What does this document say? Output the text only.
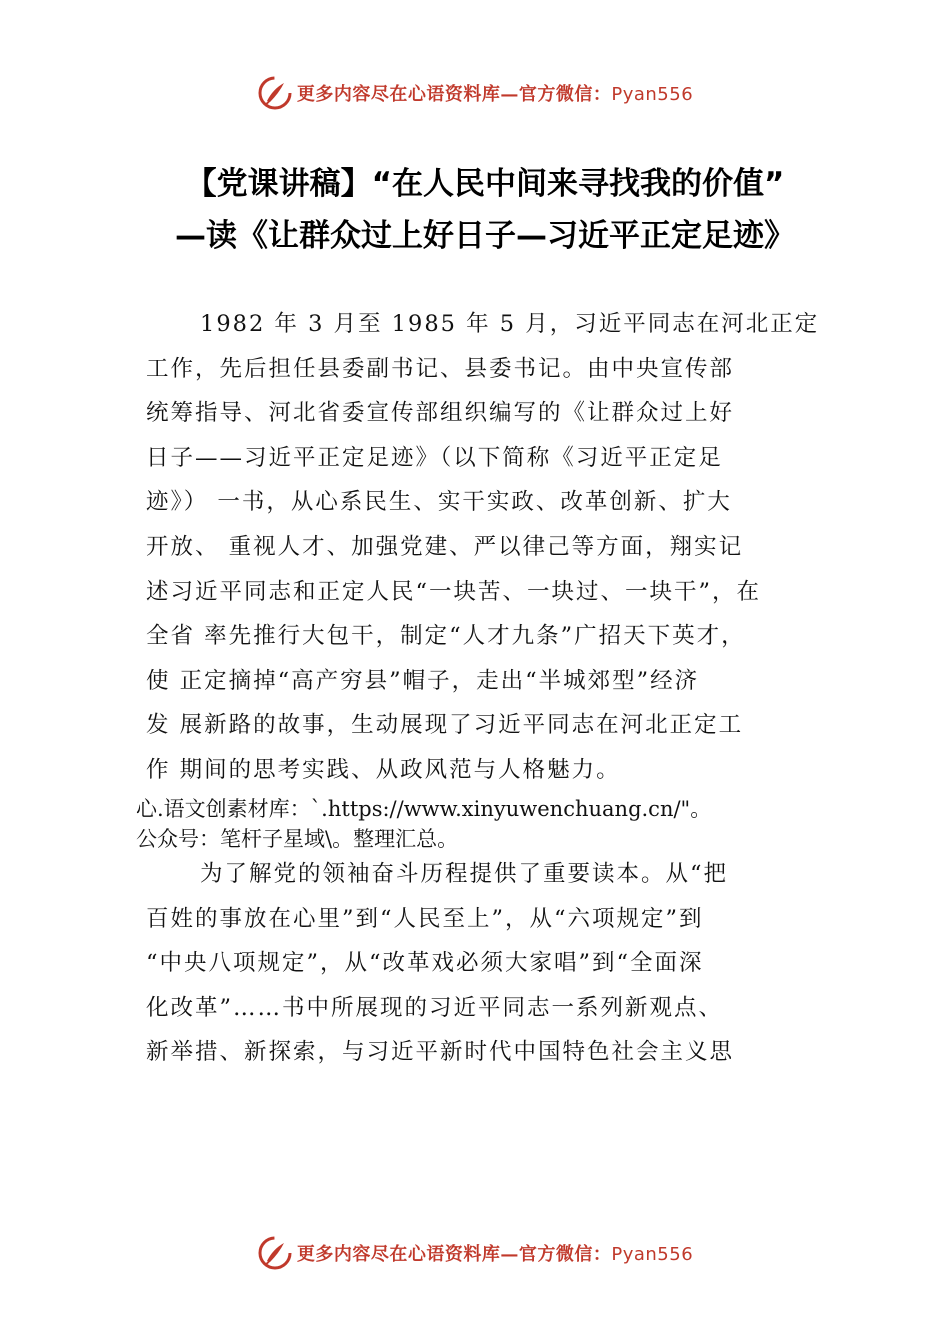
更多内容尽在心语资料库—官方微信：Pyan556
【党课讲稿】“在人民中间来寻找我的价值”
—读《让群众过上好日子—习近平正定足迹》
1982 年 3 月至 1985 年 5 月，习近平同志在河北正定
工作，先后担任县委副书记、县委书记。由中央宣传部
统筹指导、河北省委宣传部组织编写的《让群众过上好
日子——习近平正定足迹》（以下简称《习近平正定足
迹》） 一书，从心系民生、实干实政、改革创新、扩大
开放、 重视人才、加强党建、严以律己等方面，翔实记
述习近平同志和正定人民“一块苦、一块过、一块干”，在
全省 率先推行大包干，制定“人才九条”广招天下英才，
使 正定摘掉“高产穷县”帽子，走出“半城郊型”经济
发 展新路的故事，生动展现了习近平同志在河北正定工
作 期间的思考实践、从政风范与人格魅力。
心.语文创素材库：`.https://www.xinyuwenchuang.cn/"。
公众号：笔杆子星域\。整理汇总。
为了解党的领袖奋斗历程提供了重要读本。从“把
百姓的事放在心里”到“人民至上”，从“六项规定”到
“中央八项规定”，从“改革戏必须大家唱”到“全面深
化改革”……书中所展现的习近平同志一系列新观点、
新举措、新探索，与习近平新时代中国特色社会主义思
更多内容尽在心语资料库—官方微信：Pyan556
